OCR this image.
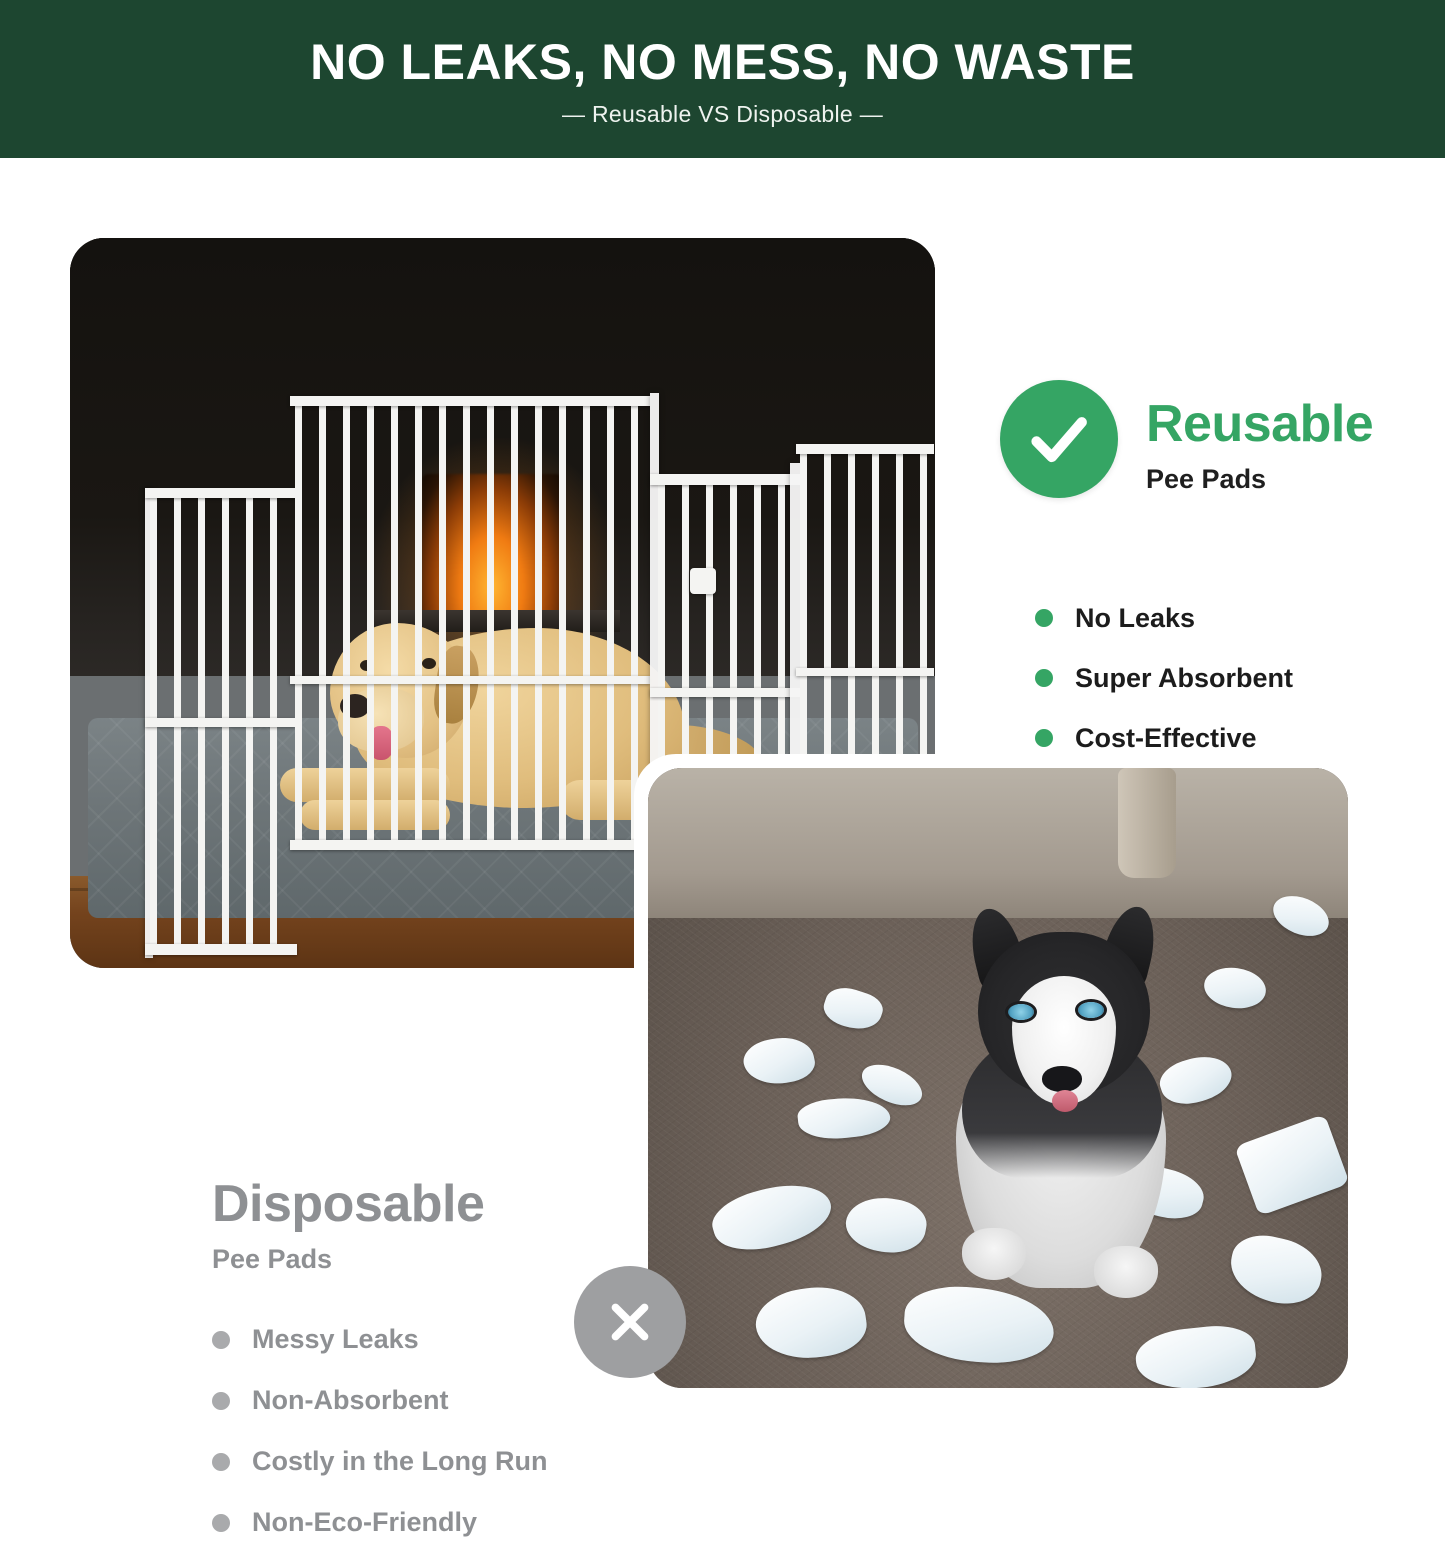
NO LEAKS, NO MESS, NO WASTE
— Reusable VS Disposable —
Reusable
Pee Pads
No Leaks
Super Absorbent
Cost-Effective
Disposable
Pee Pads
Messy Leaks
Non-Absorbent
Costly in the Long Run
Non-Eco-Friendly
